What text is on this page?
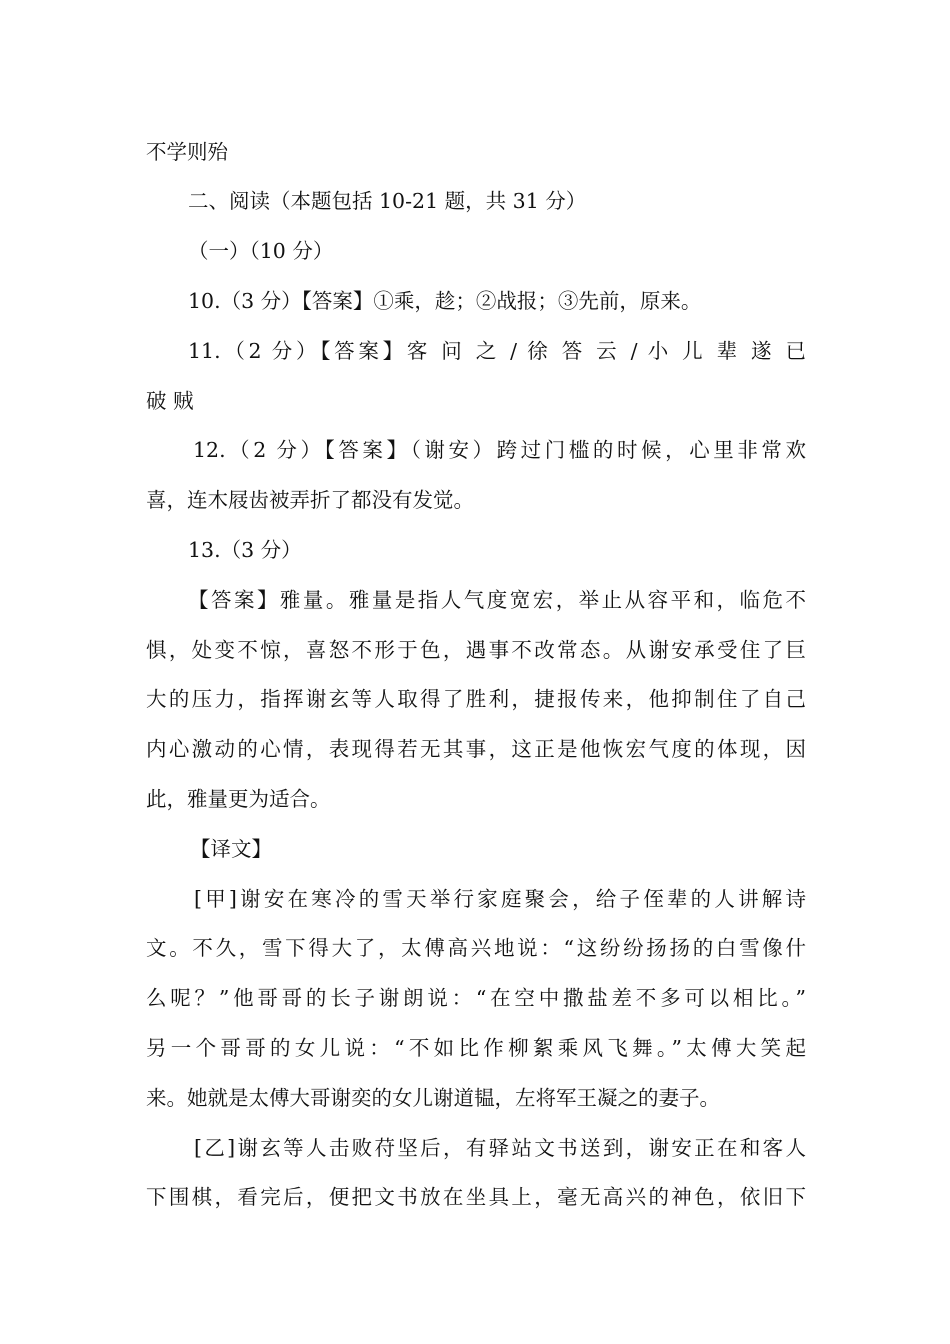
不学则殆
二、阅读（本题包括 10-21 题，共 31 分）
（一）（10 分）
10.（3 分）【答案】①乘，趁；②战报；③先前，原来。
11.（2 分）【答案】客 问 之 / 徐 答 云 / 小 儿 辈 遂 已
破 贼
12.（2 分）【答案】（谢安）跨过门槛的时候，心里非常欢
喜，连木屐齿被弄折了都没有发觉。
13.（3 分）
【答案】雅量。雅量是指人气度宽宏，举止从容平和，临危不
惧，处变不惊，喜怒不形于色，遇事不改常态。从谢安承受住了巨
大的压力，指挥谢玄等人取得了胜利，捷报传来，他抑制住了自己
内心激动的心情，表现得若无其事，这正是他恢宏气度的体现，因
此，雅量更为适合。
【译文】
[甲]谢安在寒冷的雪天举行家庭聚会，给子侄辈的人讲解诗
文。不久，雪下得大了，太傅高兴地说：“这纷纷扬扬的白雪像什
么呢？”他哥哥的长子谢朗说：“在空中撒盐差不多可以相比。”
另一个哥哥的女儿说：“不如比作柳絮乘风飞舞。”太傅大笑起
来。她就是太傅大哥谢奕的女儿谢道韫，左将军王凝之的妻子。
[乙]谢玄等人击败苻坚后，有驿站文书送到，谢安正在和客人
下围棋，看完后，便把文书放在坐具上，毫无高兴的神色，依旧下
